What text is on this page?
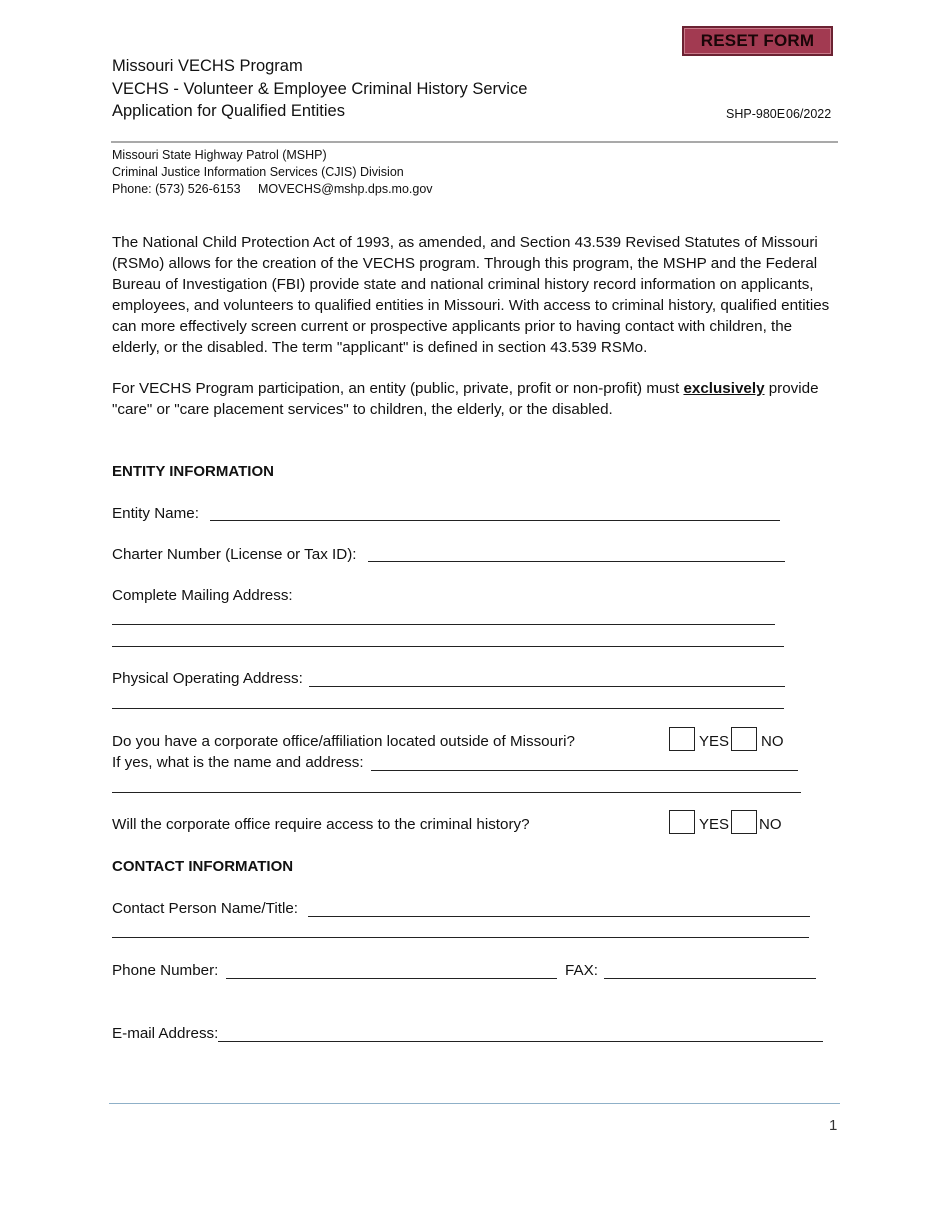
RESET FORM
Missouri VECHS Program
VECHS - Volunteer & Employee Criminal History Service
Application for Qualified Entities	SHP-980E 06/2022
Missouri State Highway Patrol (MSHP)
Criminal Justice Information Services (CJIS) Division
Phone: (573) 526-6153 MOVECHS@mshp.dps.mo.gov
The National Child Protection Act of 1993, as amended, and Section 43.539 Revised Statutes of Missouri (RSMo) allows for the creation of the VECHS program. Through this program, the MSHP and the Federal Bureau of Investigation (FBI) provide state and national criminal history record information on applicants, employees, and volunteers to qualified entities in Missouri. With access to criminal history, qualified entities can more effectively screen current or prospective applicants prior to having contact with children, the elderly, or the disabled. The term "applicant" is defined in section 43.539 RSMo.
For VECHS Program participation, an entity (public, private, profit or non-profit) must exclusively provide "care" or "care placement services" to children, the elderly, or the disabled.
ENTITY INFORMATION
Entity Name:
Charter Number (License or Tax ID):
Complete Mailing Address:
Physical Operating Address:
Do you have a corporate office/affiliation located outside of Missouri?	YES NO
If yes, what is the name and address:
Will the corporate office require access to the criminal history?	YES NO
CONTACT INFORMATION
Contact Person Name/Title:
Phone Number:	FAX:
E-mail Address:
1
